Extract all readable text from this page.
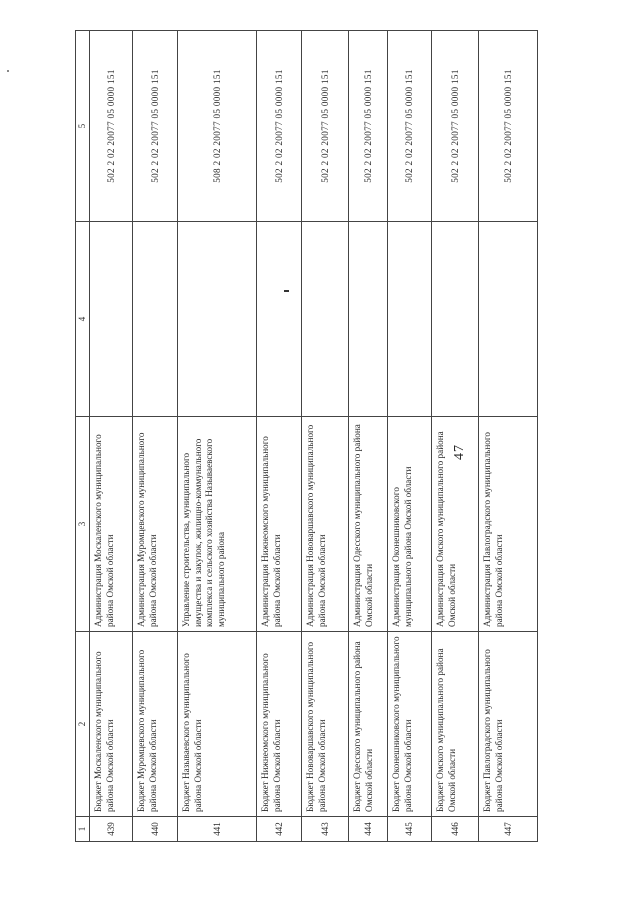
47
1	2	3	4	5
439	Бюджет Москаленского муниципального района Омской области	Администрация Москаленского муниципального района Омской области		502 2 02 20077 05 0000 151
440	Бюджет Муромцевского муниципального района Омской области	Администрация Муромцевского муниципального района Омской области		502 2 02 20077 05 0000 151
441	Бюджет Называевского муниципального района Омской области	Управление строительства, муниципального имущества и закупок, жилищно-коммунального комплекса и сельского хозяйства Называевского муниципального района		508 2 02 20077 05 0000 151
442	Бюджет Нижнеомского муниципального района Омской области	Администрация Нижнеомского муниципального района Омской области		502 2 02 20077 05 0000 151
443	Бюджет Нововаршавского муниципального района Омской области	Администрация Нововаршавского муниципального района Омской области		502 2 02 20077 05 0000 151
444	Бюджет Одесского муниципального района Омской области	Администрация Одесского муниципального района Омской области		502 2 02 20077 05 0000 151
445	Бюджет Оконешниковского муниципального района Омской области	Администрация Оконешниковского муниципального района Омской области		502 2 02 20077 05 0000 151
446	Бюджет Омского муниципального района Омской области	Администрация Омского муниципального района Омской области		502 2 02 20077 05 0000 151
447	Бюджет Павлоградского муниципального района Омской области	Администрация Павлоградского муниципального района Омской области		502 2 02 20077 05 0000 151
